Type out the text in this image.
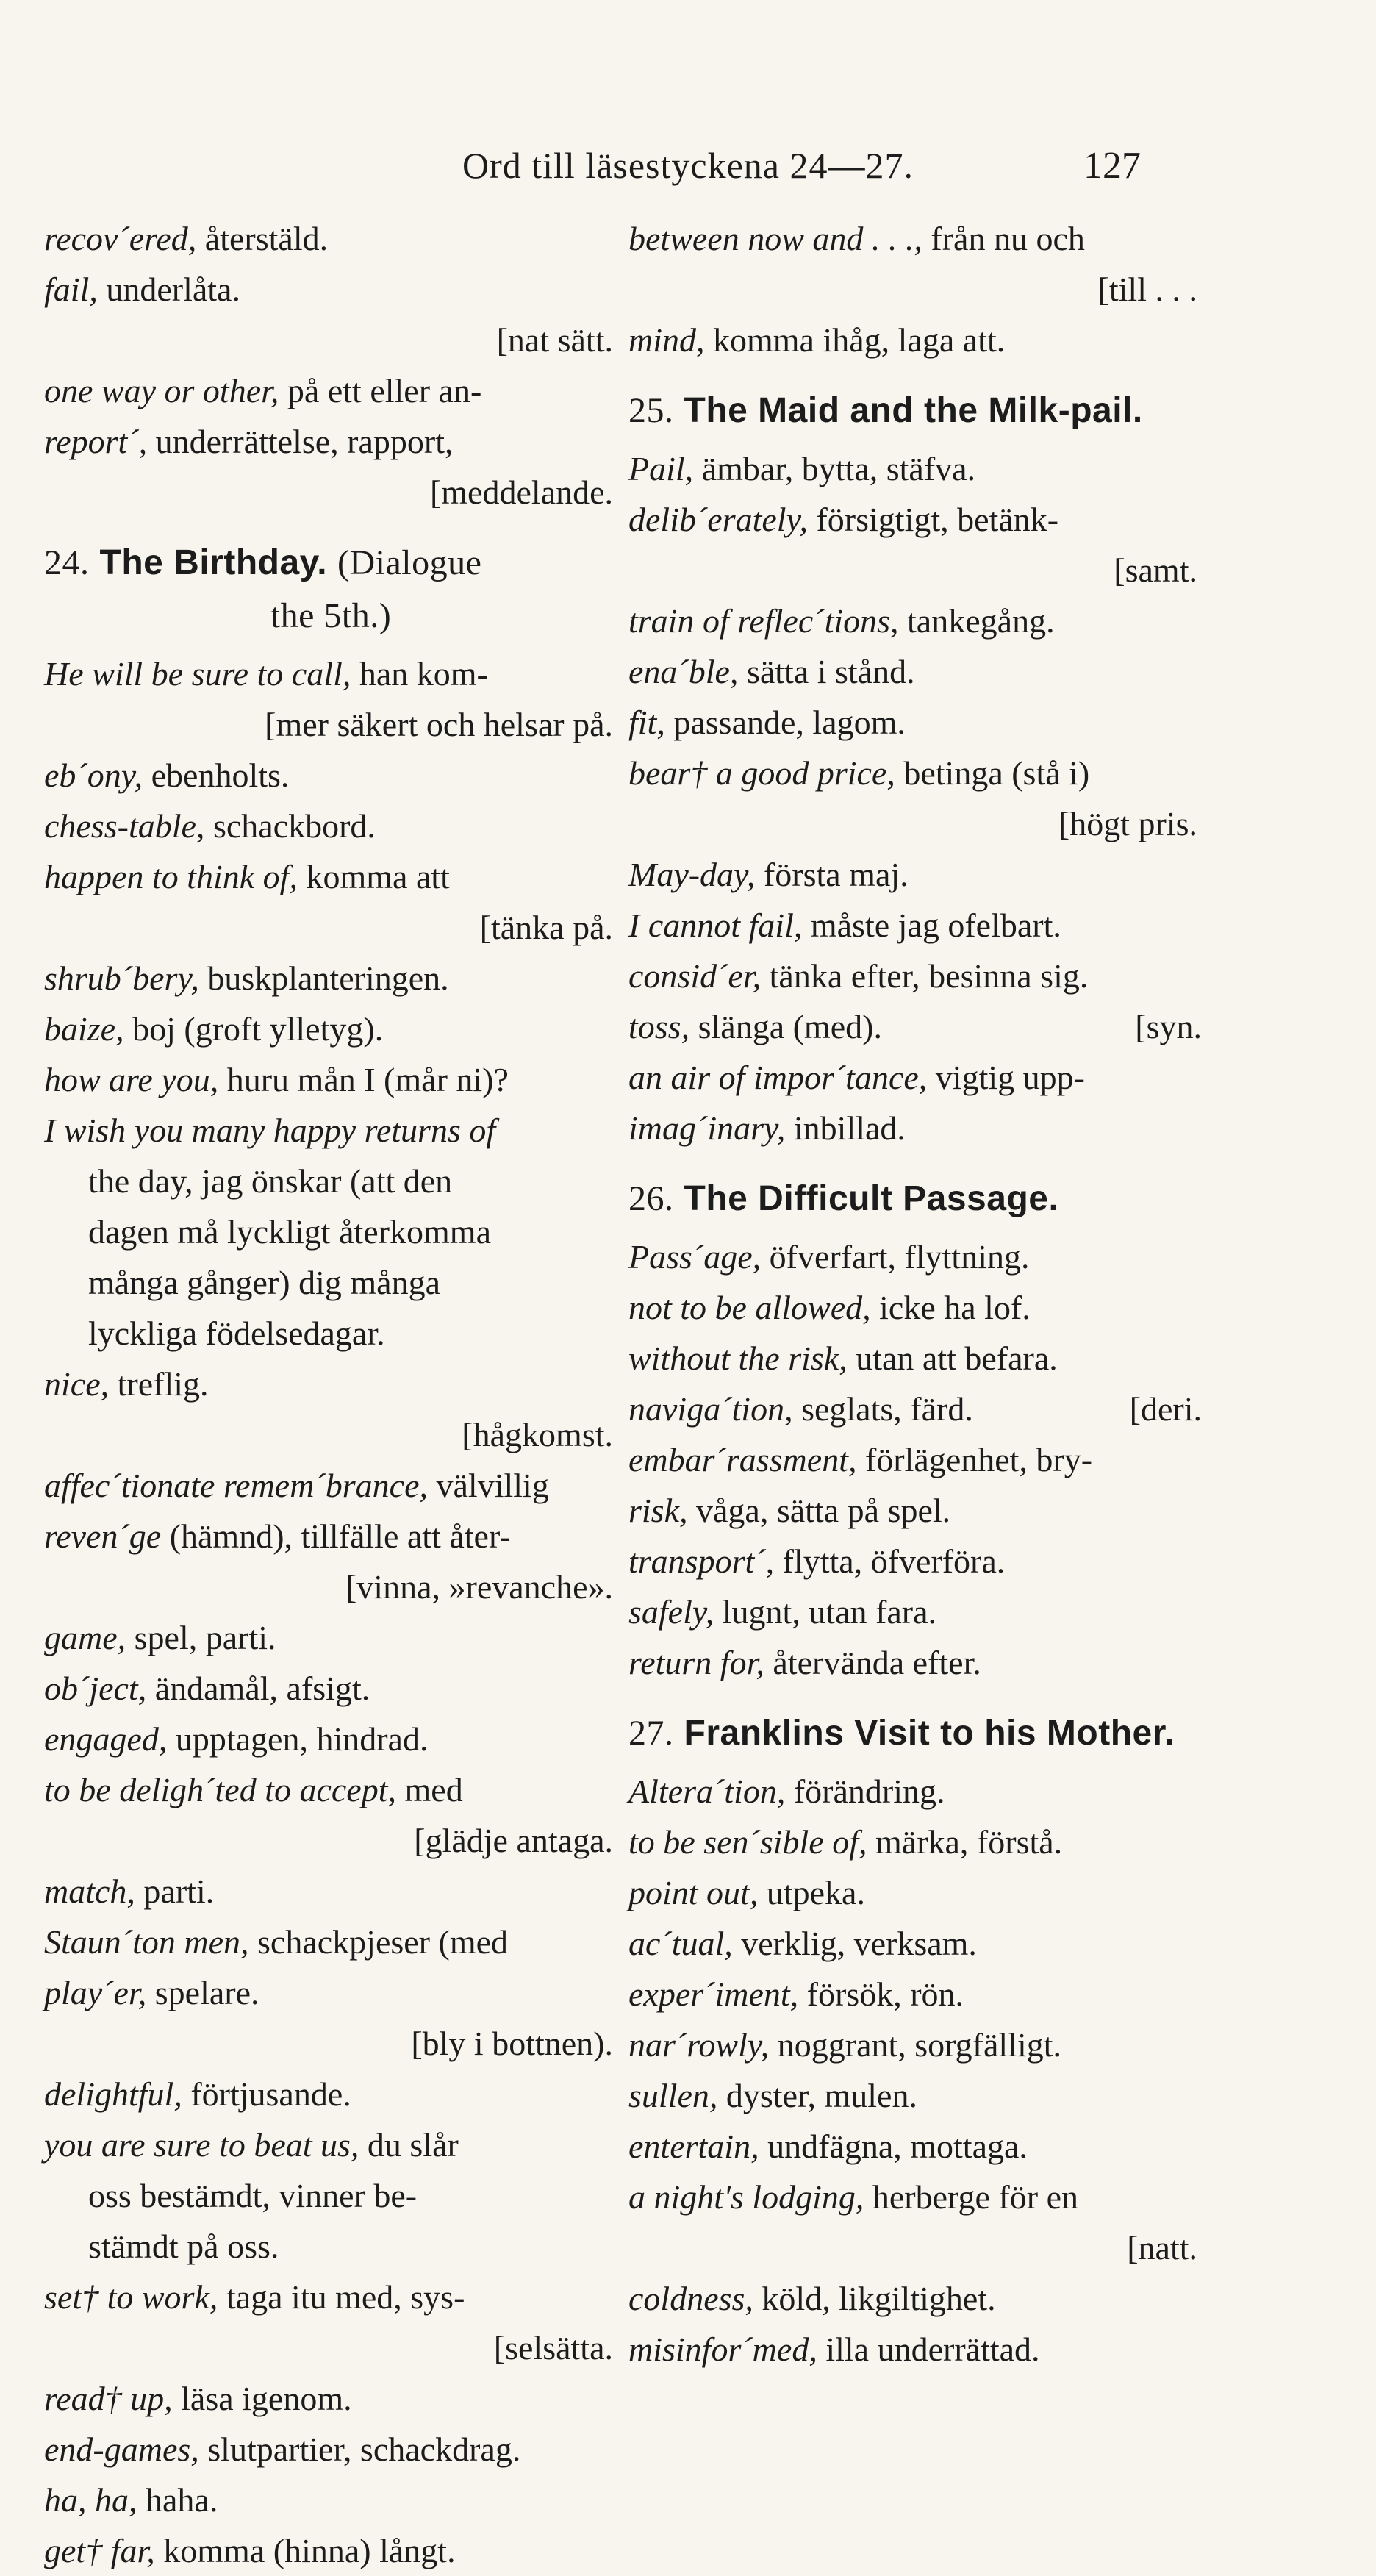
Ord till läsestyckena 24—27.	127
recov´ered, återstäld.
fail, underlåta.
[nat sätt.
one way or other, på ett eller an-
report´, underrättelse, rapport,
[meddelande.
24. The Birthday. (Dialogue
the 5th.)
He will be sure to call, han kom-
[mer säkert och helsar på.
eb´ony, ebenholts.
chess-table, schackbord.
happen to think of, komma att
[tänka på.
shrub´bery, buskplanteringen.
baize, boj (groft ylletyg).
how are you, huru mån I (mår ni)?
I wish you many happy returns of
the day, jag önskar (att den
dagen må lyckligt återkomma
många gånger) dig många
lyckliga födelsedagar.
nice, treflig.
[hågkomst.
affec´tionate remem´brance, välvillig
reven´ge (hämnd), tillfälle att åter-
[vinna, »revanche».
game, spel, parti.
ob´ject, ändamål, afsigt.
engaged, upptagen, hindrad.
to be deligh´ted to accept, med
[glädje antaga.
match, parti.
Staun´ton men, schackpjeser (med
play´er, spelare.
[bly i bottnen).
delightful, förtjusande.
you are sure to beat us, du slår
oss bestämdt, vinner be-
stämdt på oss.
set† to work, taga itu med, sys-
[selsätta.
read† up, läsa igenom.
end-games, slutpartier, schackdrag.
ha, ha, haha.
get† far, komma (hinna) långt.
between now and . . ., från nu och
[till . . .
mind, komma ihåg, laga att.
25. The Maid and the Milk-pail.
Pail, ämbar, bytta, stäfva.
delib´erately, försigtigt, betänk-
[samt.
train of reflec´tions, tankegång.
ena´ble, sätta i stånd.
fit, passande, lagom.
bear† a good price, betinga (stå i)
[högt pris.
May-day, första maj.
I cannot fail, måste jag ofelbart.
consid´er, tänka efter, besinna sig.
toss, slänga (med).	[syn.
an air of impor´tance, vigtig upp-
imag´inary, inbillad.
26. The Difficult Passage.
Pass´age, öfverfart, flyttning.
not to be allowed, icke ha lof.
without the risk, utan att befara.
naviga´tion, seglats, färd.	[deri.
embar´rassment, förlägenhet, bry-
risk, våga, sätta på spel.
transport´, flytta, öfverföra.
safely, lugnt, utan fara.
return for, återvända efter.
27. Franklins Visit to his Mother.
Altera´tion, förändring.
to be sen´sible of, märka, förstå.
point out, utpeka.
ac´tual, verklig, verksam.
exper´iment, försök, rön.
nar´rowly, noggrant, sorgfälligt.
sullen, dyster, mulen.
entertain, undfägna, mottaga.
a night's lodging, herberge för en
[natt.
coldness, köld, likgiltighet.
misinfor´med, illa underrättad.
